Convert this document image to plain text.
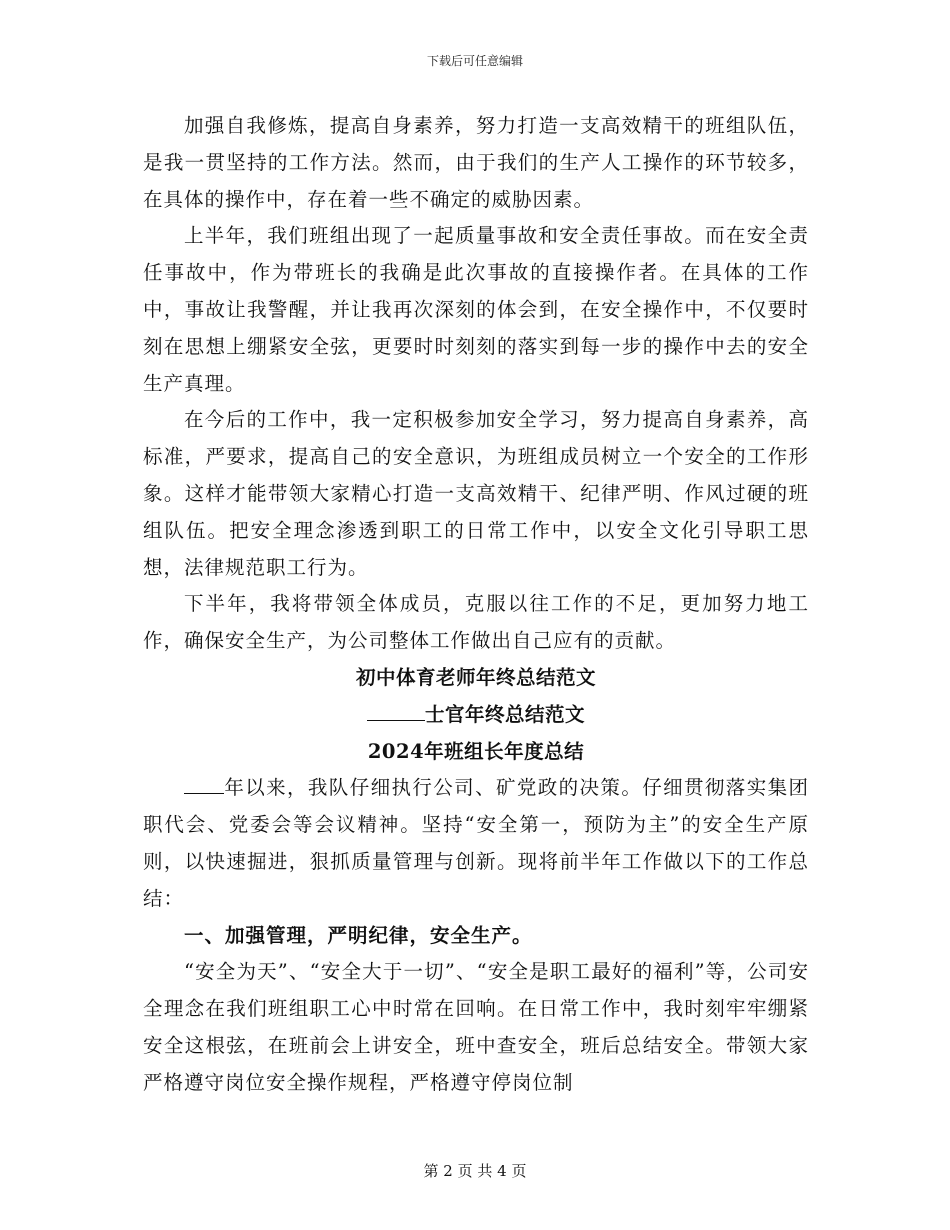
下载后可任意编辑

加强自我修炼，提高自身素养，努力打造一支高效精干的班组队伍，是我一贯坚持的工作方法。然而，由于我们的生产人工操作的环节较多，在具体的操作中，存在着一些不确定的威胁因素。

上半年，我们班组出现了一起质量事故和安全责任事故。而在安全责任事故中，作为带班长的我确是此次事故的直接操作者。在具体的工作中，事故让我警醒，并让我再次深刻的体会到，在安全操作中，不仅要时刻在思想上绷紧安全弦，更要时时刻刻的落实到每一步的操作中去的安全生产真理。

在今后的工作中，我一定积极参加安全学习，努力提高自身素养，高标准，严要求，提高自己的安全意识，为班组成员树立一个安全的工作形象。这样才能带领大家精心打造一支高效精干、纪律严明、作风过硬的班组队伍。把安全理念渗透到职工的日常工作中，以安全文化引导职工思想，法律规范职工行为。

下半年，我将带领全体成员，克服以往工作的不足，更加努力地工作，确保安全生产，为公司整体工作做出自己应有的贡献。

初中体育老师年终总结范文

士官年终总结范文

2024年班组长年度总结

年以来，我队仔细执行公司、矿党政的决策。仔细贯彻落实集团职代会、党委会等会议精神。坚持“安全第一，预防为主”的安全生产原则，以快速掘进，狠抓质量管理与创新。现将前半年工作做以下的工作总结：

一、加强管理，严明纪律，安全生产。

“安全为天”、“安全大于一切”、“安全是职工最好的福利”等，公司安全理念在我们班组职工心中时常在回响。在日常工作中，我时刻牢牢绷紧安全这根弦，在班前会上讲安全，班中查安全，班后总结安全。带领大家严格遵守岗位安全操作规程，严格遵守停岗位制

第 2 页 共 4 页
